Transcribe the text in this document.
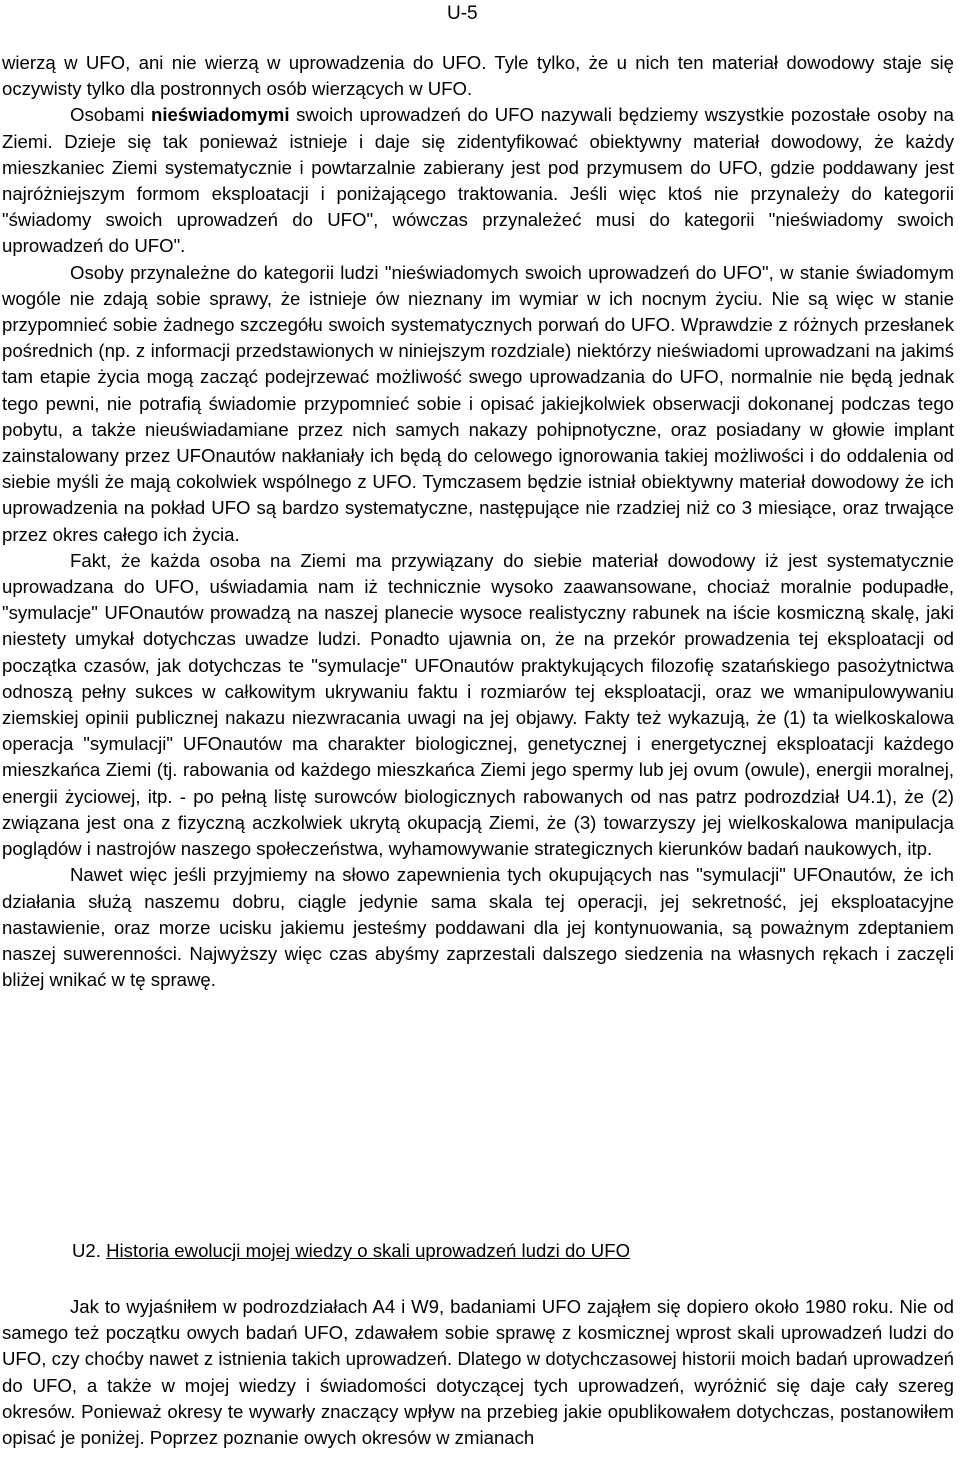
U-5

wierzą w UFO, ani nie wierzą w uprowadzenia do UFO. Tyle tylko, że u nich ten materiał dowodowy staje się oczywisty tylko dla postronnych osób wierzących w UFO.

Osobami nieświadomymi swoich uprowadzeń do UFO nazywali będziemy wszystkie pozostałe osoby na Ziemi. Dzieje się tak ponieważ istnieje i daje się zidentyfikować obiektywny materiał dowodowy, że każdy mieszkaniec Ziemi systematycznie i powtarzalnie zabierany jest pod przymusem do UFO, gdzie poddawany jest najróżniejszym formom eksploatacji i poniżającego traktowania. Jeśli więc ktoś nie przynależy do kategorii "świadomy swoich uprowadzeń do UFO", wówczas przynależeć musi do kategorii "nieświadomy swoich uprowadzeń do UFO".

Osoby przynależne do kategorii ludzi "nieświadomych swoich uprowadzeń do UFO", w stanie świadomym wogóle nie zdają sobie sprawy, że istnieje ów nieznany im wymiar w ich nocnym życiu. Nie są więc w stanie przypomnieć sobie żadnego szczegółu swoich systematycznych porwań do UFO. Wprawdzie z różnych przesłanek pośrednich (np. z informacji przedstawionych w niniejszym rozdziale) niektórzy nieświadomi uprowadzani na jakimś tam etapie życia mogą zacząć podejrzewać możliwość swego uprowadzania do UFO, normalnie nie będą jednak tego pewni, nie potrafią świadomie przypomnieć sobie i opisać jakiejkolwiek obserwacji dokonanej podczas tego pobytu, a także nieuświadamiane przez nich samych nakazy pohipnotyczne, oraz posiadany w głowie implant zainstalowany przez UFOnautów nakłaniały ich będą do celowego ignorowania takiej możliwości i do oddalenia od siebie myśli że mają cokolwiek wspólnego z UFO. Tymczasem będzie istniał obiektywny materiał dowodowy że ich uprowadzenia na pokład UFO są bardzo systematyczne, następujące nie rzadziej niż co 3 miesiące, oraz trwające przez okres całego ich życia.

Fakt, że każda osoba na Ziemi ma przywiązany do siebie materiał dowodowy iż jest systematycznie uprowadzana do UFO, uświadamia nam iż technicznie wysoko zaawansowane, chociaż moralnie podupadłe, "symulacje" UFOnautów prowadzą na naszej planecie wysoce realistyczny rabunek na iście kosmiczną skalę, jaki niestety umykał dotychczas uwadze ludzi. Ponadto ujawnia on, że na przekór prowadzenia tej eksploatacji od początka czasów, jak dotychczas te "symulacje" UFOnautów praktykujących filozofię szatańskiego pasożytnictwa odnoszą pełny sukces w całkowitym ukrywaniu faktu i rozmiarów tej eksploatacji, oraz we wmanipulowywaniu ziemskiej opinii publicznej nakazu niezwracania uwagi na jej objawy. Fakty też wykazują, że (1) ta wielkoskalowa operacja "symulacji" UFOnautów ma charakter biologicznej, genetycznej i energetycznej eksploatacji każdego mieszkańca Ziemi (tj. rabowania od każdego mieszkańca Ziemi jego spermy lub jej ovum (owule), energii moralnej, energii życiowej, itp. - po pełną listę surowców biologicznych rabowanych od nas patrz podrozdział U4.1), że (2) związana jest ona z fizyczną aczkolwiek ukrytą okupacją Ziemi, że (3) towarzyszy jej wielkoskalowa manipulacja poglądów i nastrojów naszego społeczeństwa, wyhamowywanie strategicznych kierunków badań naukowych, itp.

Nawet więc jeśli przyjmiemy na słowo zapewnienia tych okupujących nas "symulacji" UFOnautów, że ich działania służą naszemu dobru, ciągle jedynie sama skala tej operacji, jej sekretność, jej eksploatacyjne nastawienie, oraz morze ucisku jakiemu jesteśmy poddawani dla jej kontynuowania, są poważnym zdeptaniem naszej suwerenności. Najwyższy więc czas abyśmy zaprzestali dalszego siedzenia na własnych rękach i zaczęli bliżej wnikać w tę sprawę.

U2. Historia ewolucji mojej wiedzy o skali uprowadzeń ludzi do UFO

Jak to wyjaśniłem w podrozdziałach A4 i W9, badaniami UFO zająłem się dopiero około 1980 roku. Nie od samego też początku owych badań UFO, zdawałem sobie sprawę z kosmicznej wprost skali uprowadzeń ludzi do UFO, czy choćby nawet z istnienia takich uprowadzeń. Dlatego w dotychczasowej historii moich badań uprowadzeń do UFO, a także w mojej wiedzy i świadomości dotyczącej tych uprowadzeń, wyróżnić się daje cały szereg okresów. Ponieważ okresy te wywarły znaczący wpływ na przebieg jakie opublikowałem dotychczas, postanowiłem opisać je poniżej. Poprzez poznanie owych okresów w zmianach
